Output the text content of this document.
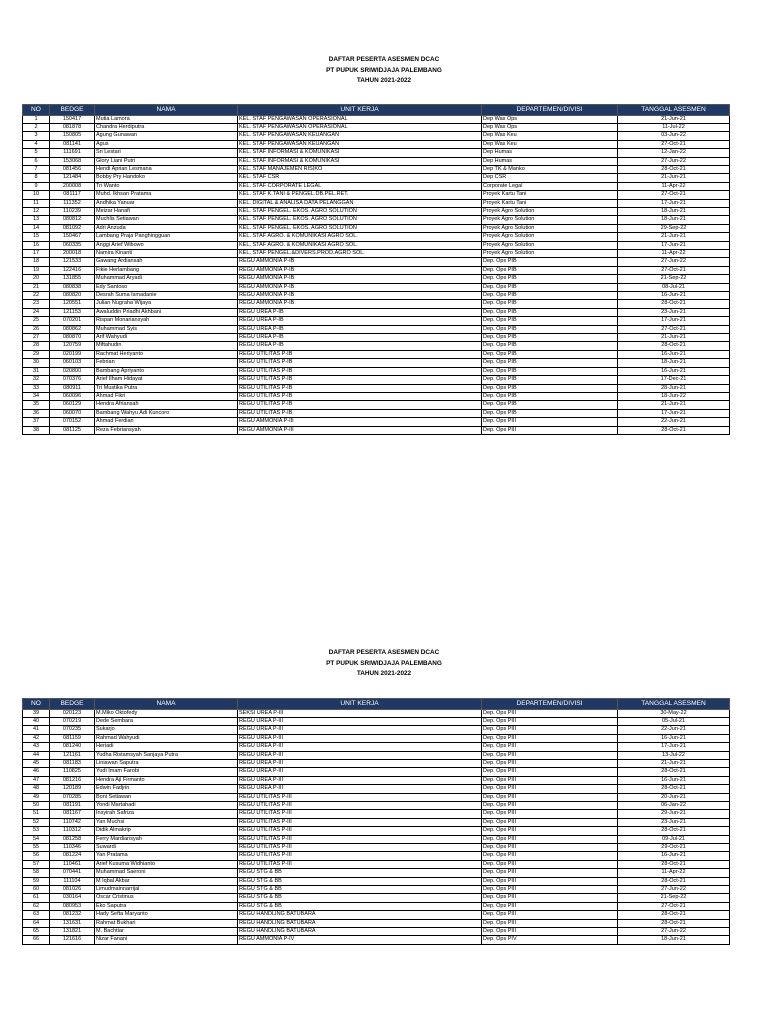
DAFTAR PESERTA ASESMEN DCAC
PT PUPUK SRIWIDJAJA PALEMBANG
TAHUN 2021-2022
NO	BEDGE	NAMA	UNIT KERJA	DEPARTEMEN/DIVISI	TANGGAL ASESMEN
1	150417	Mutia Lamora	KEL. STAF PENGAWASAN OPERASIONAL	Dep Was Ops	21-Jun-21
2	081878	Chandra Herdiputra	KEL. STAF PENGAWASAN OPERASIONAL	Dep Was Ops	11-Jul-22
3	150805	Agung Gunawan	KEL. STAF PENGAWASAN KEUANGAN	Dep Was Keu	03-Jun-22
4	081141	Agus	KEL. STAF PENGAWASAN KEUANGAN	Dep Was Keu	27-Oct-21
5	111691	Sri Lestari	KEL. STAF INFORMASI & KOMUNIKASI	Dep Humas	12-Jan-22
6	153068	Glory Liani Putri	KEL. STAF INFORMASI & KOMUNIKASI	Dep Humas	27-Jun-22
7	081456	Hendi Aprian Lesmana	KEL. STAF MANAJEMEN RISIKO	Dep TK & Manko	28-Oct-21
8	121484	Bobby Pry Handoko	KEL. STAF CSR	Dep CSR	21-Jun-21
9	200008	Tri Wanto	KEL. STAF CORPORATE LEGAL	Corporate Legal	11-Apr-22
10	081117	Muhd. Ikhsan Pratama	KEL. STAF K.TANI & PENGEL.DB.PEL.RET.	Proyek Kartu Tani	27-Oct-21
11	111352	Andhika Yanuar	KEL. DIGITAL & ANALISA DATA PELANGGAN	Proyek Kartu Tani	17-Jun-21
12	110239	Meizar Hanafi	KEL. STAF PENGEL. EKOS. AGRO SOLUTION	Proyek Agro Solution	18-Jun-21
13	080812	Muchlis Setiawan	KEL. STAF PENGEL. EKOS. AGRO SOLUTION	Proyek Agro Solution	18-Jun-21
14	081092	Adri Anzuda	KEL. STAF PENGEL. EKOS. AGRO SOLUTION	Proyek Agro Solution	29-Sep-22
15	150467	Lambang Praja Panghingguan	KEL. STAF AGRO. & KOMUNIKASI AGRO SOL.	Proyek Agro Solution	21-Jun-21
16	060335	Anggi Arief Wibowo	KEL. STAF AGRO. & KOMUNIKASI AGRO SOL.	Proyek Agro Solution	17-Jun-21
17	200018	Namira Kinanti	KEL. STAF PENGEL.&DIVERS.PROD.AGRO SOL.	Proyek Agro Solution	11-Apr-22
18	121533	Gawang Ardiansah	REGU AMMONIA P-IB	Dep. Ops PIB	27-Jun-22
19	122416	Fikie Herlambang	REGU AMMONIA P-IB	Dep. Ops PIB	27-Oct-21
20	131855	Muhammad Aryadi	REGU AMMONIA P-IB	Dep. Ops PIB	21-Sep-22
21	080838	Edy Santoso	REGU AMMONIA P-IB	Dep. Ops PIB	08-Jul-21
22	080820	Desrah Suma Ismadanie	REGU AMMONIA P-IB	Dep. Ops PIB	16-Jun-21
23	120551	Julian Nugraha Wijaya	REGU AMMONIA P-IB	Dep. Ops PIB	28-Oct-21
24	121153	Awaluddin Priadhi Akhbani	REGU UREA P-IB	Dep. Ops PIB	23-Jun-21
25	070201	Rispan Monariansyah	REGU UREA P-IB	Dep. Ops PIB	17-Jun-21
26	080862	Muhammad Syis	REGU UREA P-IB	Dep. Ops PIB	27-Oct-21
27	080870	Arif Wahyudi	REGU UREA P-IB	Dep. Ops PIB	21-Jun-21
28	120759	Miftahudin	REGU UREA P-IB	Dep. Ops PIB	28-Oct-21
29	020199	Rachmat Heriyanto	REGU UTILITAS P-IB	Dep. Ops PIB	16-Jun-21
30	060103	Febrian	REGU UTILITAS P-IB	Dep. Ops PIB	18-Jun-21
31	020800	Bambang Apriyanto	REGU UTILITAS P-IB	Dep. Ops PIB	16-Jun-21
32	070376	Arief Ilham Hidayat	REGU UTILITAS P-IB	Dep. Ops PIB	17-Dec-21
33	080911	Tri Mustika Putra	REGU UTILITAS P-IB	Dep. Ops PIB	28-Jun-21
34	060096	Ahmad Fikri	REGU UTILITAS P-IB	Dep. Ops PIB	18-Jun-22
35	060129	Hendra Afriansah	REGU UTILITAS P-IB	Dep. Ops PIB	21-Jun-21
36	060070	Bambang Wahyu Adi Kuncoro	REGU UTILITAS P-IB	Dep. Ops PIB	17-Jun-21
37	070152	Ahmad Ferdian	REGU AMMONIA P-III	Dep. Ops PIII	22-Jun-21
38	081125	Reza Febriansyah	REGU AMMONIA P-III	Dep. Ops PIII	28-Oct-21
DAFTAR PESERTA ASESMEN DCAC
PT PUPUK SRIWIDJAJA PALEMBANG
TAHUN 2021-2022
NO	BEDGE	NAMA	UNIT KERJA	DEPARTEMEN/DIVISI	TANGGAL ASESMEN
39	020123	M.Miko Oktofedy	SEKSI UREA P-III	Dep. Ops PIII	30-May-22
40	070219	Dede Sembara	REGU UREA P-III	Dep. Ops PIII	05-Jul-21
41	070235	Sukarjo	REGU UREA P-III	Dep. Ops PIII	22-Jun-21
42	081159	Rahmad Wahyudi	REGU UREA P-III	Dep. Ops PIII	16-Jun-21
43	081240	Heriadi	REGU UREA P-III	Dep. Ops PIII	17-Jun-21
44	121161	Yudha Ristamsyah Sanjaya Putra	REGU UREA P-III	Dep. Ops PIII	13-Jul-22
45	081183	Liniawan Saputra	REGU UREA P-III	Dep. Ops PIII	21-Jun-21
46	110825	Yudi Imam Farobi	REGU UREA P-III	Dep. Ops PIII	28-Oct-21
47	081216	Hendra Aji Firmanto	REGU UREA P-III	Dep. Ops PIII	16-Jun-21
48	120189	Edwin Fadjrin	REGU UREA P-III	Dep. Ops PIII	28-Oct-21
49	070285	Boni Setiawan	REGU UTILITAS P-III	Dep. Ops PIII	20-Jun-21
50	081191	Yondi Martahadi	REGU UTILITAS P-III	Dep. Ops PIII	06-Jan-22
51	081167	Insyirah Safriza	REGU UTILITAS P-III	Dep. Ops PIII	29-Jun-21
52	110742	Yan Muchsi	REGU UTILITAS P-III	Dep. Ops PIII	23-Jun-21
53	110312	Didik Almakrip	REGU UTILITAS P-III	Dep. Ops PIII	28-Oct-21
54	081258	Ferry Mardiansyah	REGU UTILITAS P-III	Dep. Ops PIII	09-Jul-21
55	110346	Suwardi	REGU UTILITAS P-III	Dep. Ops PIII	29-Oct-21
56	081224	Yan Pratama	REGU UTILITAS P-III	Dep. Ops PIII	16-Jun-21
57	110461	Arief Kusuma Widhianto	REGU UTILITAS P-III	Dep. Ops PIII	28-Oct-21
58	070441	Muhammad Saeroni	REGU STG & BB	Dep. Ops PIII	11-Apr-22
59	111104	M Iqbal Akbar	REGU STG & BB	Dep. Ops PIII	28-Oct-21
60	081026	Limudmainnarrijal	REGU STG & BB	Dep. Ops PIII	27-Jun-22
61	030164	Oscar Cristinus	REGU STG & BB	Dep. Ops PIII	21-Sep-22
62	080953	Eko Saputra	REGU STG & BB	Dep. Ops PIII	27-Oct-21
63	081232	Hady Sefta Maryanto	REGU HANDLING BATUBARA	Dep. Ops PIII	28-Oct-21
64	131631	Rahmat Bukhari	REGU HANDLING BATUBARA	Dep. Ops PIII	28-Oct-21
65	131821	M. Bachtiar	REGU HANDLING BATUBARA	Dep. Ops PIII	27-Jun-22
66	121616	Nizar Fanani	REGU AMMONIA P-IV	Dep. Ops PIV	18-Jun-21
